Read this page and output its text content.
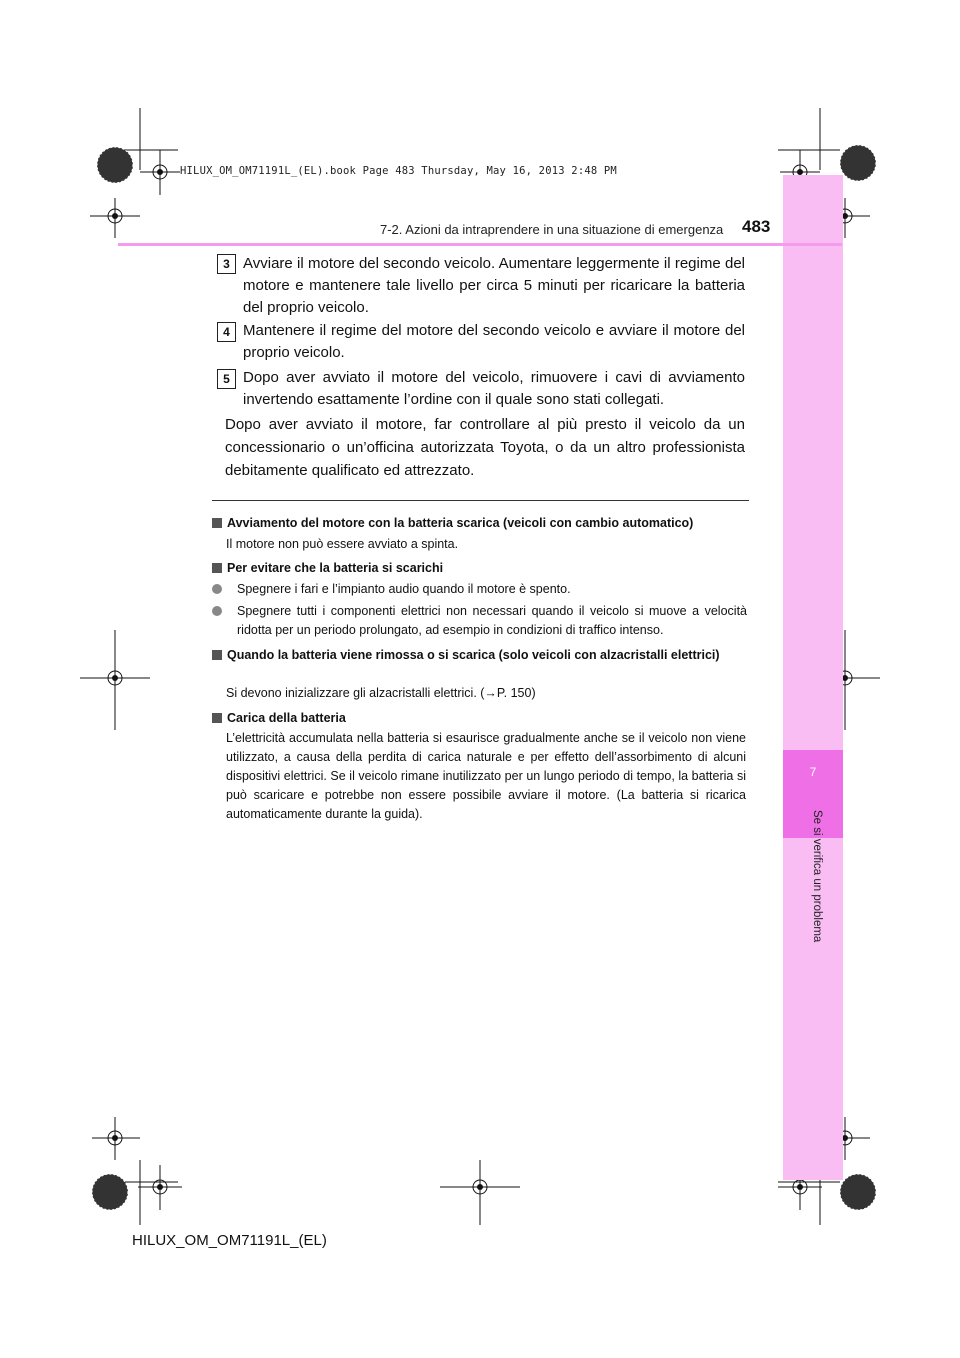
7
HILUX_OM_OM71191L_(EL).book Page 483 Thursday, May 16, 2013 2:48 PM
7-2. Azioni da intraprendere in una situazione di emergenza 483
3 Avviare il motore del secondo veicolo. Aumentare leggermente il regime del motore e mantenere tale livello per circa 5 minuti per ricaricare la batteria del proprio veicolo.
4 Mantenere il regime del motore del secondo veicolo e avviare il motore del proprio veicolo.
5 Dopo aver avviato il motore del veicolo, rimuovere i cavi di avviamento invertendo esattamente l’ordine con il quale sono stati collegati.
Dopo aver avviato il motore, far controllare al più presto il veicolo da un concessionario o un’officina autorizzata Toyota, o da un altro professionista debitamente qualificato ed attrezzato.
Avviamento del motore con la batteria scarica (veicoli con cambio automatico)
Il motore non può essere avviato a spinta.
Per evitare che la batteria si scarichi
Spegnere i fari e l’impianto audio quando il motore è spento.
Spegnere tutti i componenti elettrici non necessari quando il veicolo si muove a velocità ridotta per un periodo prolungato, ad esempio in condizioni di traffico intenso.
Quando la batteria viene rimossa o si scarica (solo veicoli con alzacristalli elettrici)
Si devono inizializzare gli alzacristalli elettrici. (→P. 150)
Carica della batteria
L’elettricità accumulata nella batteria si esaurisce gradualmente anche se il veicolo non viene utilizzato, a causa della perdita di carica naturale e per effetto dell’assorbimento di alcuni dispositivi elettrici. Se il veicolo rimane inutilizzato per un lungo periodo di tempo, la batteria si può scaricare e potrebbe non essere possibile avviare il motore. (La batteria si ricarica automaticamente durante la guida).
HILUX_OM_OM71191L_(EL)
